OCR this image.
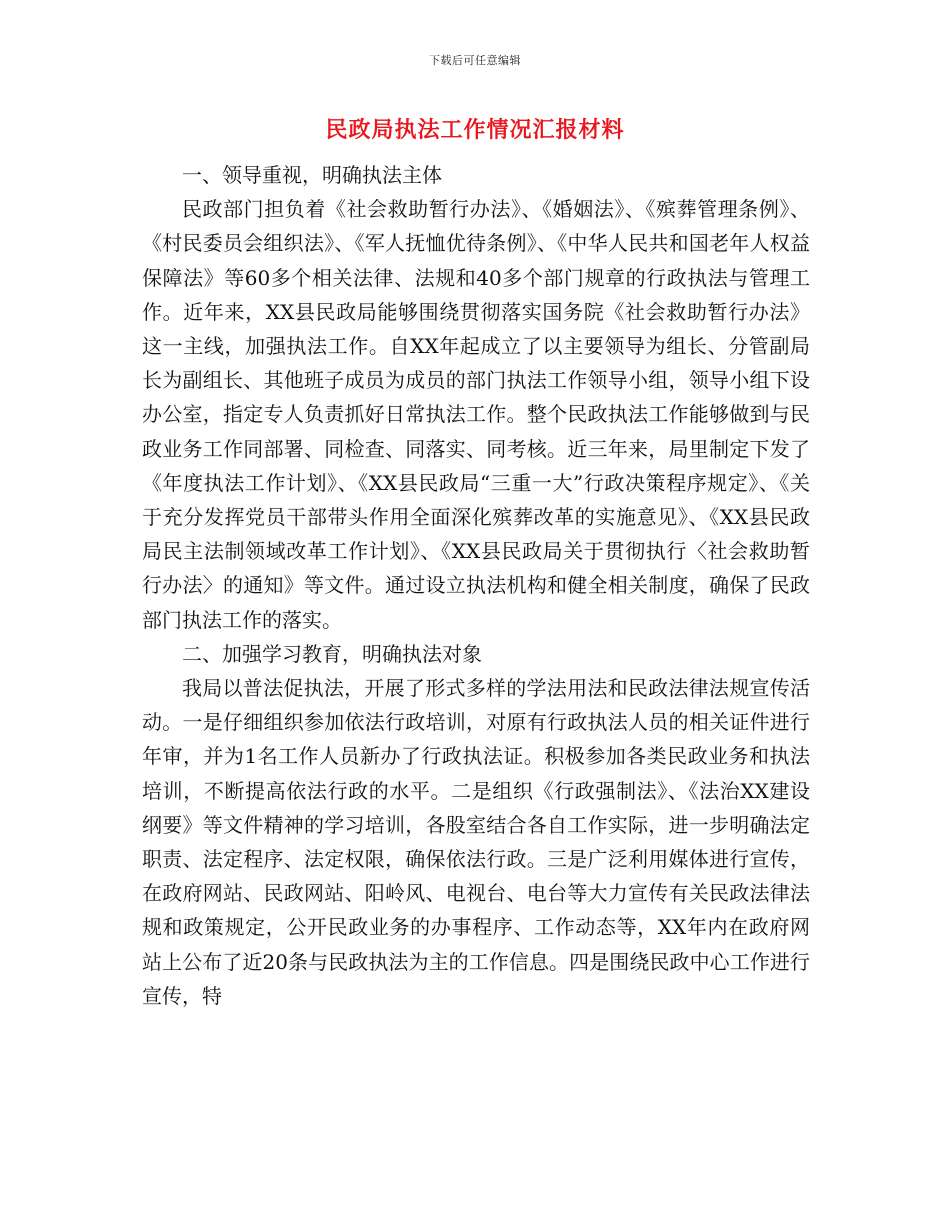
下载后可任意编辑
民政局执法工作情况汇报材料

一、领导重视，明确执法主体

民政部门担负着《社会救助暂行办法》、《婚姻法》、《殡葬管理条例》、《村民委员会组织法》、《军人抚恤优待条例》、《中华人民共和国老年人权益保障法》等60多个相关法律、法规和40多个部门规章的行政执法与管理工作。近年来，XX县民政局能够围绕贯彻落实国务院《社会救助暂行办法》这一主线，加强执法工作。自XX年起成立了以主要领导为组长、分管副局长为副组长、其他班子成员为成员的部门执法工作领导小组，领导小组下设办公室，指定专人负责抓好日常执法工作。整个民政执法工作能够做到与民政业务工作同部署、同检查、同落实、同考核。近三年来，局里制定下发了《年度执法工作计划》、《XX县民政局“三重一大”行政决策程序规定》、《关于充分发挥党员干部带头作用全面深化殡葬改革的实施意见》、《XX县民政局民主法制领域改革工作计划》、《XX县民政局关于贯彻执行〈社会救助暂行办法〉的通知》等文件。通过设立执法机构和健全相关制度，确保了民政部门执法工作的落实。

二、加强学习教育，明确执法对象

我局以普法促执法，开展了形式多样的学法用法和民政法律法规宣传活动。一是仔细组织参加依法行政培训，对原有行政执法人员的相关证件进行年审，并为1名工作人员新办了行政执法证。积极参加各类民政业务和执法培训，不断提高依法行政的水平。二是组织《行政强制法》、《法治XX建设纲要》等文件精神的学习培训，各股室结合各自工作实际，进一步明确法定职责、法定程序、法定权限，确保依法行政。三是广泛利用媒体进行宣传，在政府网站、民政网站、阳岭风、电视台、电台等大力宣传有关民政法律法规和政策规定，公开民政业务的办事程序、工作动态等，XX年内在政府网站上公布了近20条与民政执法为主的工作信息。四是围绕民政中心工作进行宣传，特
